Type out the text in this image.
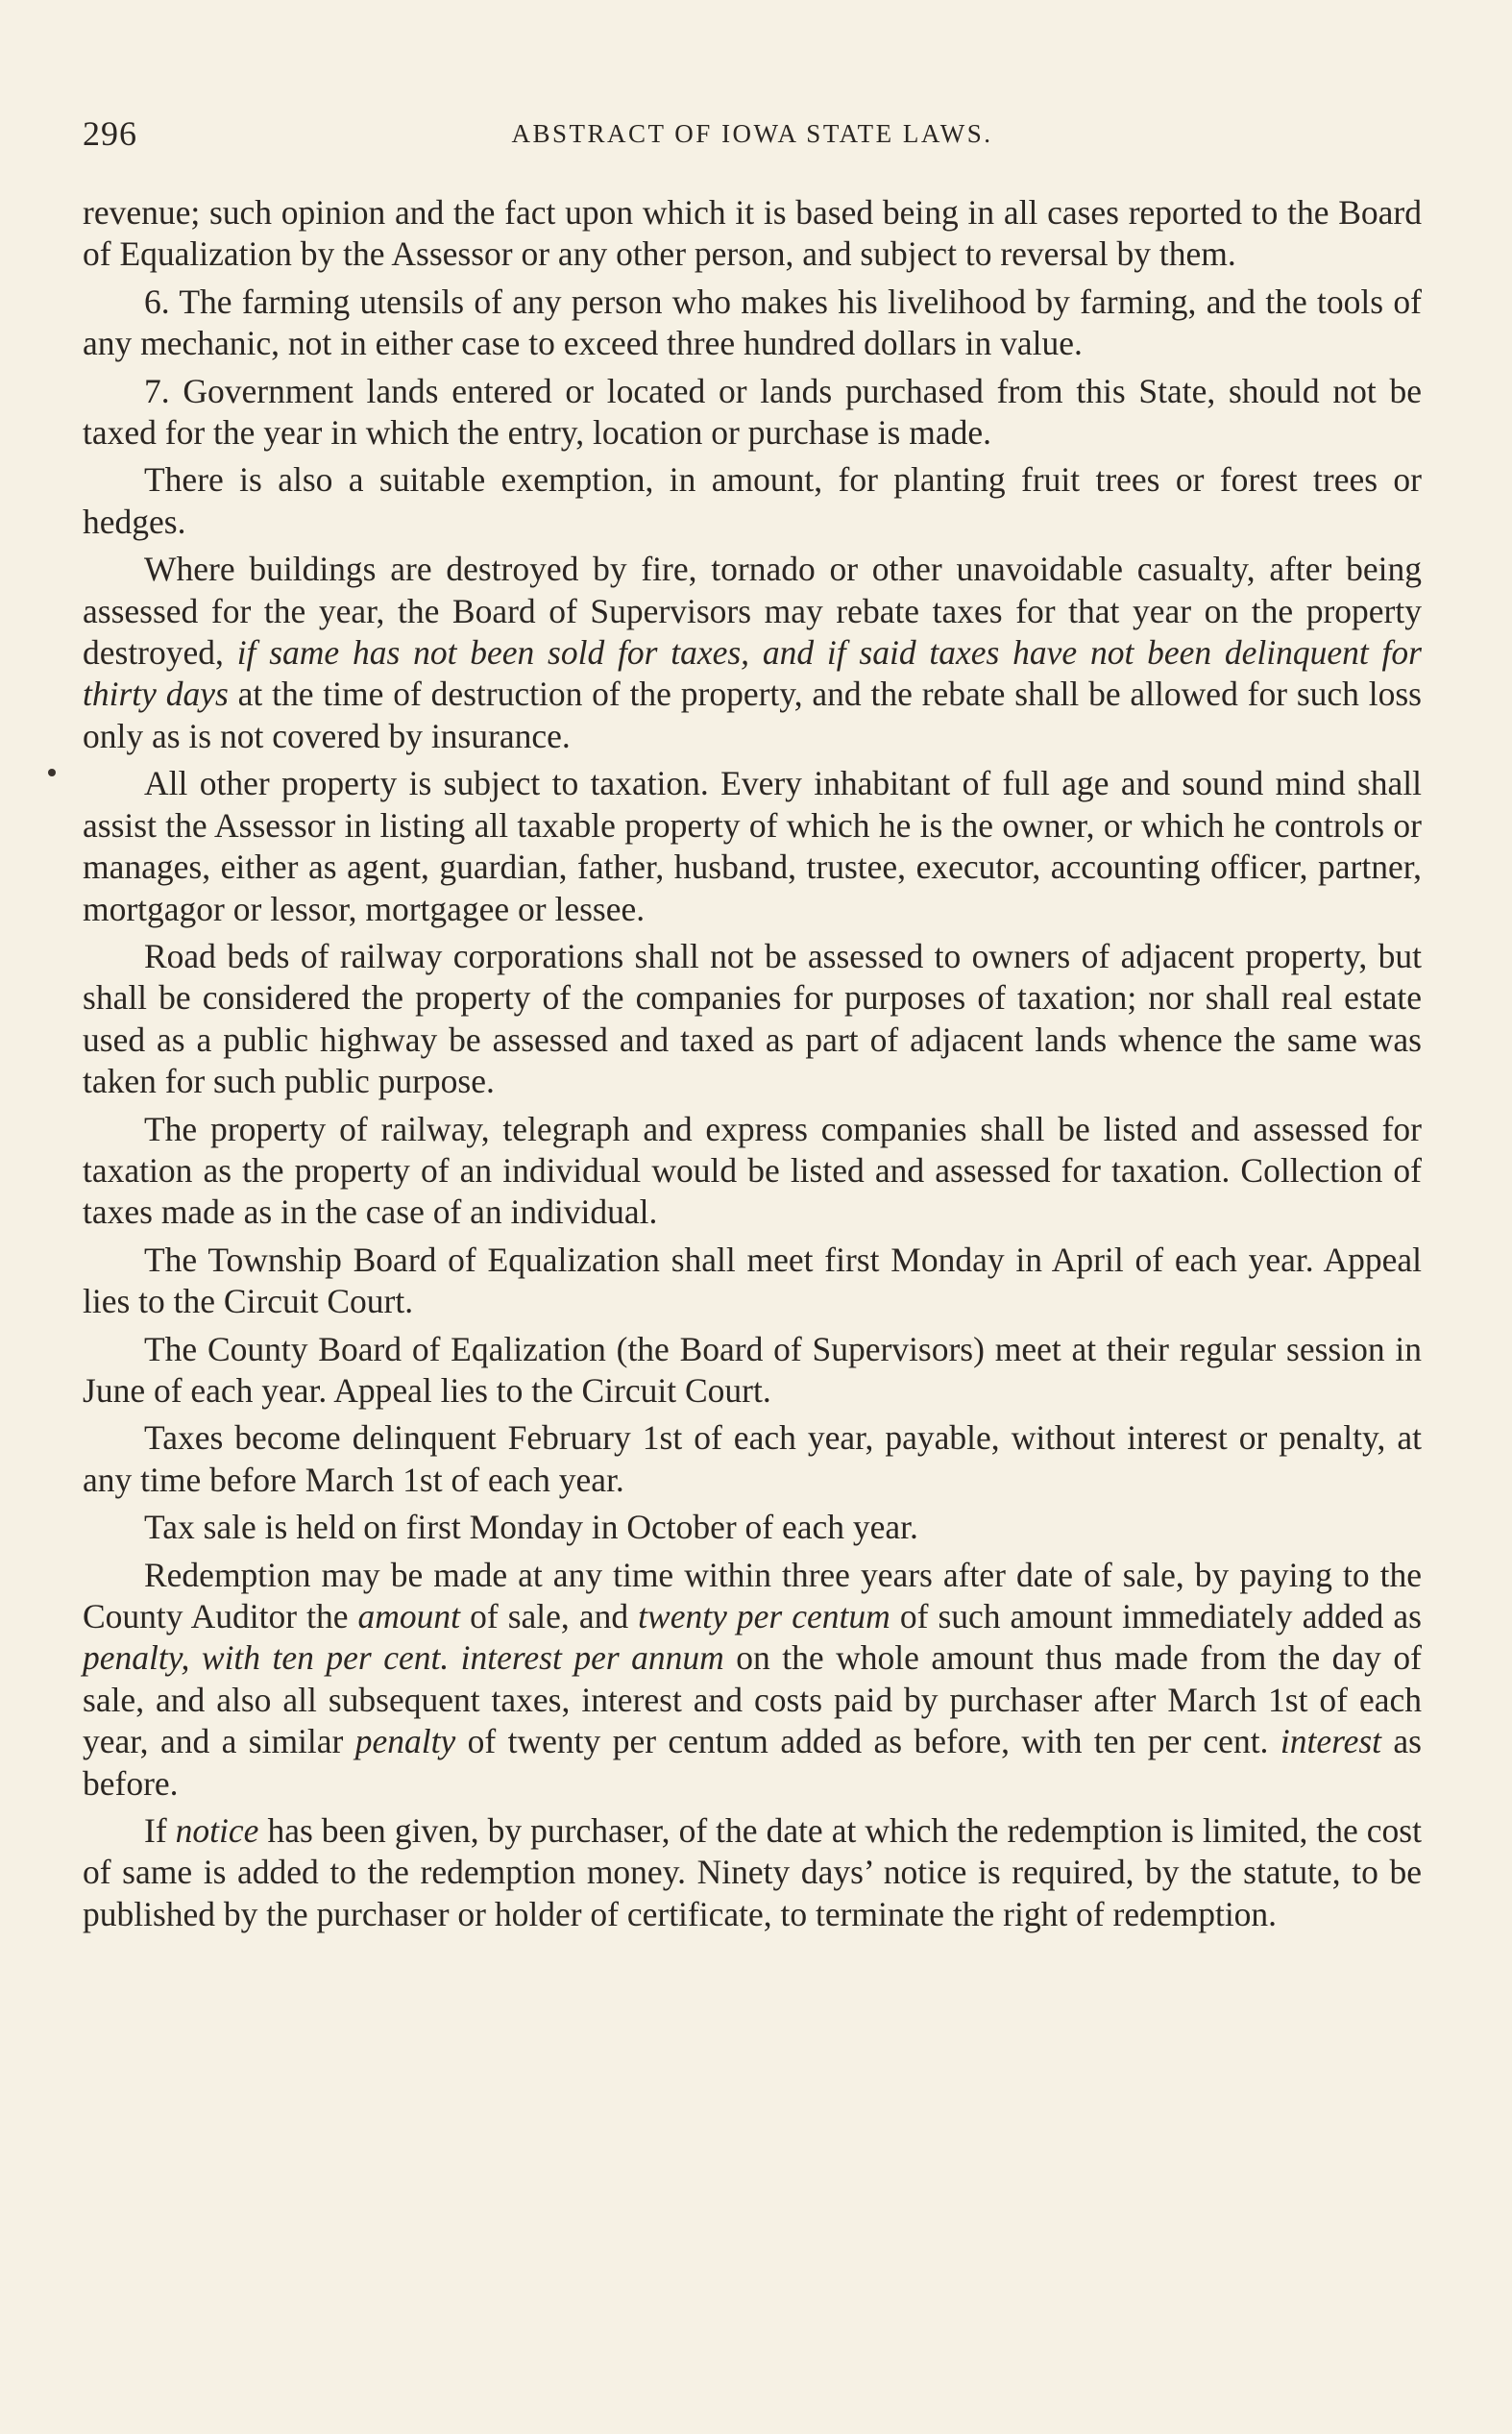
296	ABSTRACT OF IOWA STATE LAWS.

revenue; such opinion and the fact upon which it is based being in all cases reported to the Board of Equalization by the Assessor or any other person, and subject to reversal by them.

6. The farming utensils of any person who makes his livelihood by farming, and the tools of any mechanic, not in either case to exceed three hundred dollars in value.

7. Government lands entered or located or lands purchased from this State, should not be taxed for the year in which the entry, location or purchase is made.

There is also a suitable exemption, in amount, for planting fruit trees or forest trees or hedges.

Where buildings are destroyed by fire, tornado or other unavoidable casualty, after being assessed for the year, the Board of Supervisors may rebate taxes for that year on the property destroyed, if same has not been sold for taxes, and if said taxes have not been delinquent for thirty days at the time of destruction of the property, and the rebate shall be allowed for such loss only as is not covered by insurance.

All other property is subject to taxation. Every inhabitant of full age and sound mind shall assist the Assessor in listing all taxable property of which he is the owner, or which he controls or manages, either as agent, guardian, father, husband, trustee, executor, accounting officer, partner, mortgagor or lessor, mortgagee or lessee.

Road beds of railway corporations shall not be assessed to owners of adjacent property, but shall be considered the property of the companies for purposes of taxation; nor shall real estate used as a public highway be assessed and taxed as part of adjacent lands whence the same was taken for such public purpose.

The property of railway, telegraph and express companies shall be listed and assessed for taxation as the property of an individual would be listed and assessed for taxation. Collection of taxes made as in the case of an individual.

The Township Board of Equalization shall meet first Monday in April of each year. Appeal lies to the Circuit Court.

The County Board of Eqalization (the Board of Supervisors) meet at their regular session in June of each year. Appeal lies to the Circuit Court.

Taxes become delinquent February 1st of each year, payable, without interest or penalty, at any time before March 1st of each year.

Tax sale is held on first Monday in October of each year.

Redemption may be made at any time within three years after date of sale, by paying to the County Auditor the amount of sale, and twenty per centum of such amount immediately added as penalty, with ten per cent. interest per annum on the whole amount thus made from the day of sale, and also all subsequent taxes, interest and costs paid by purchaser after March 1st of each year, and a similar penalty of twenty per centum added as before, with ten per cent. interest as before.

If notice has been given, by purchaser, of the date at which the redemption is limited, the cost of same is added to the redemption money. Ninety days’ notice is required, by the statute, to be published by the purchaser or holder of certificate, to terminate the right of redemption.
